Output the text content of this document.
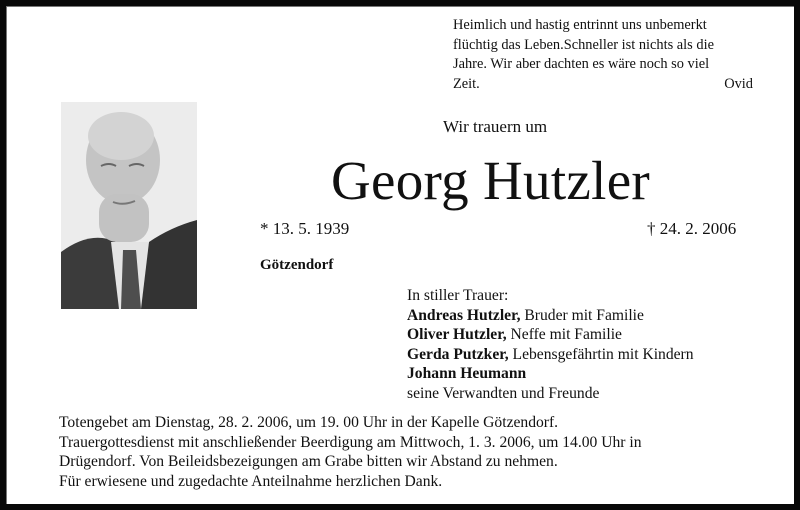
Heimlich und hastig entrinnt uns unbemerkt
flüchtig das Leben.Schneller ist nichts als die
Jahre. Wir aber dachten es wäre noch so viel
Zeit.	Ovid
Wir trauern um
Georg Hutzler
* 13. 5. 1939	† 24. 2. 2006
Götzendorf
In stiller Trauer:
Andreas Hutzler, Bruder mit Familie
Oliver Hutzler, Neffe mit Familie
Gerda Putzker, Lebensgefährtin mit Kindern
Johann Heumann
seine Verwandten und Freunde
Totengebet am Dienstag, 28. 2. 2006, um 19. 00 Uhr in der Kapelle Götzendorf.
Trauergottesdienst mit anschließender Beerdigung am Mittwoch, 1. 3. 2006, um 14.00 Uhr in
Drügendorf. Von Beileidsbezeigungen am Grabe bitten wir Abstand zu nehmen.
Für erwiesene und zugedachte Anteilnahme herzlichen Dank.
